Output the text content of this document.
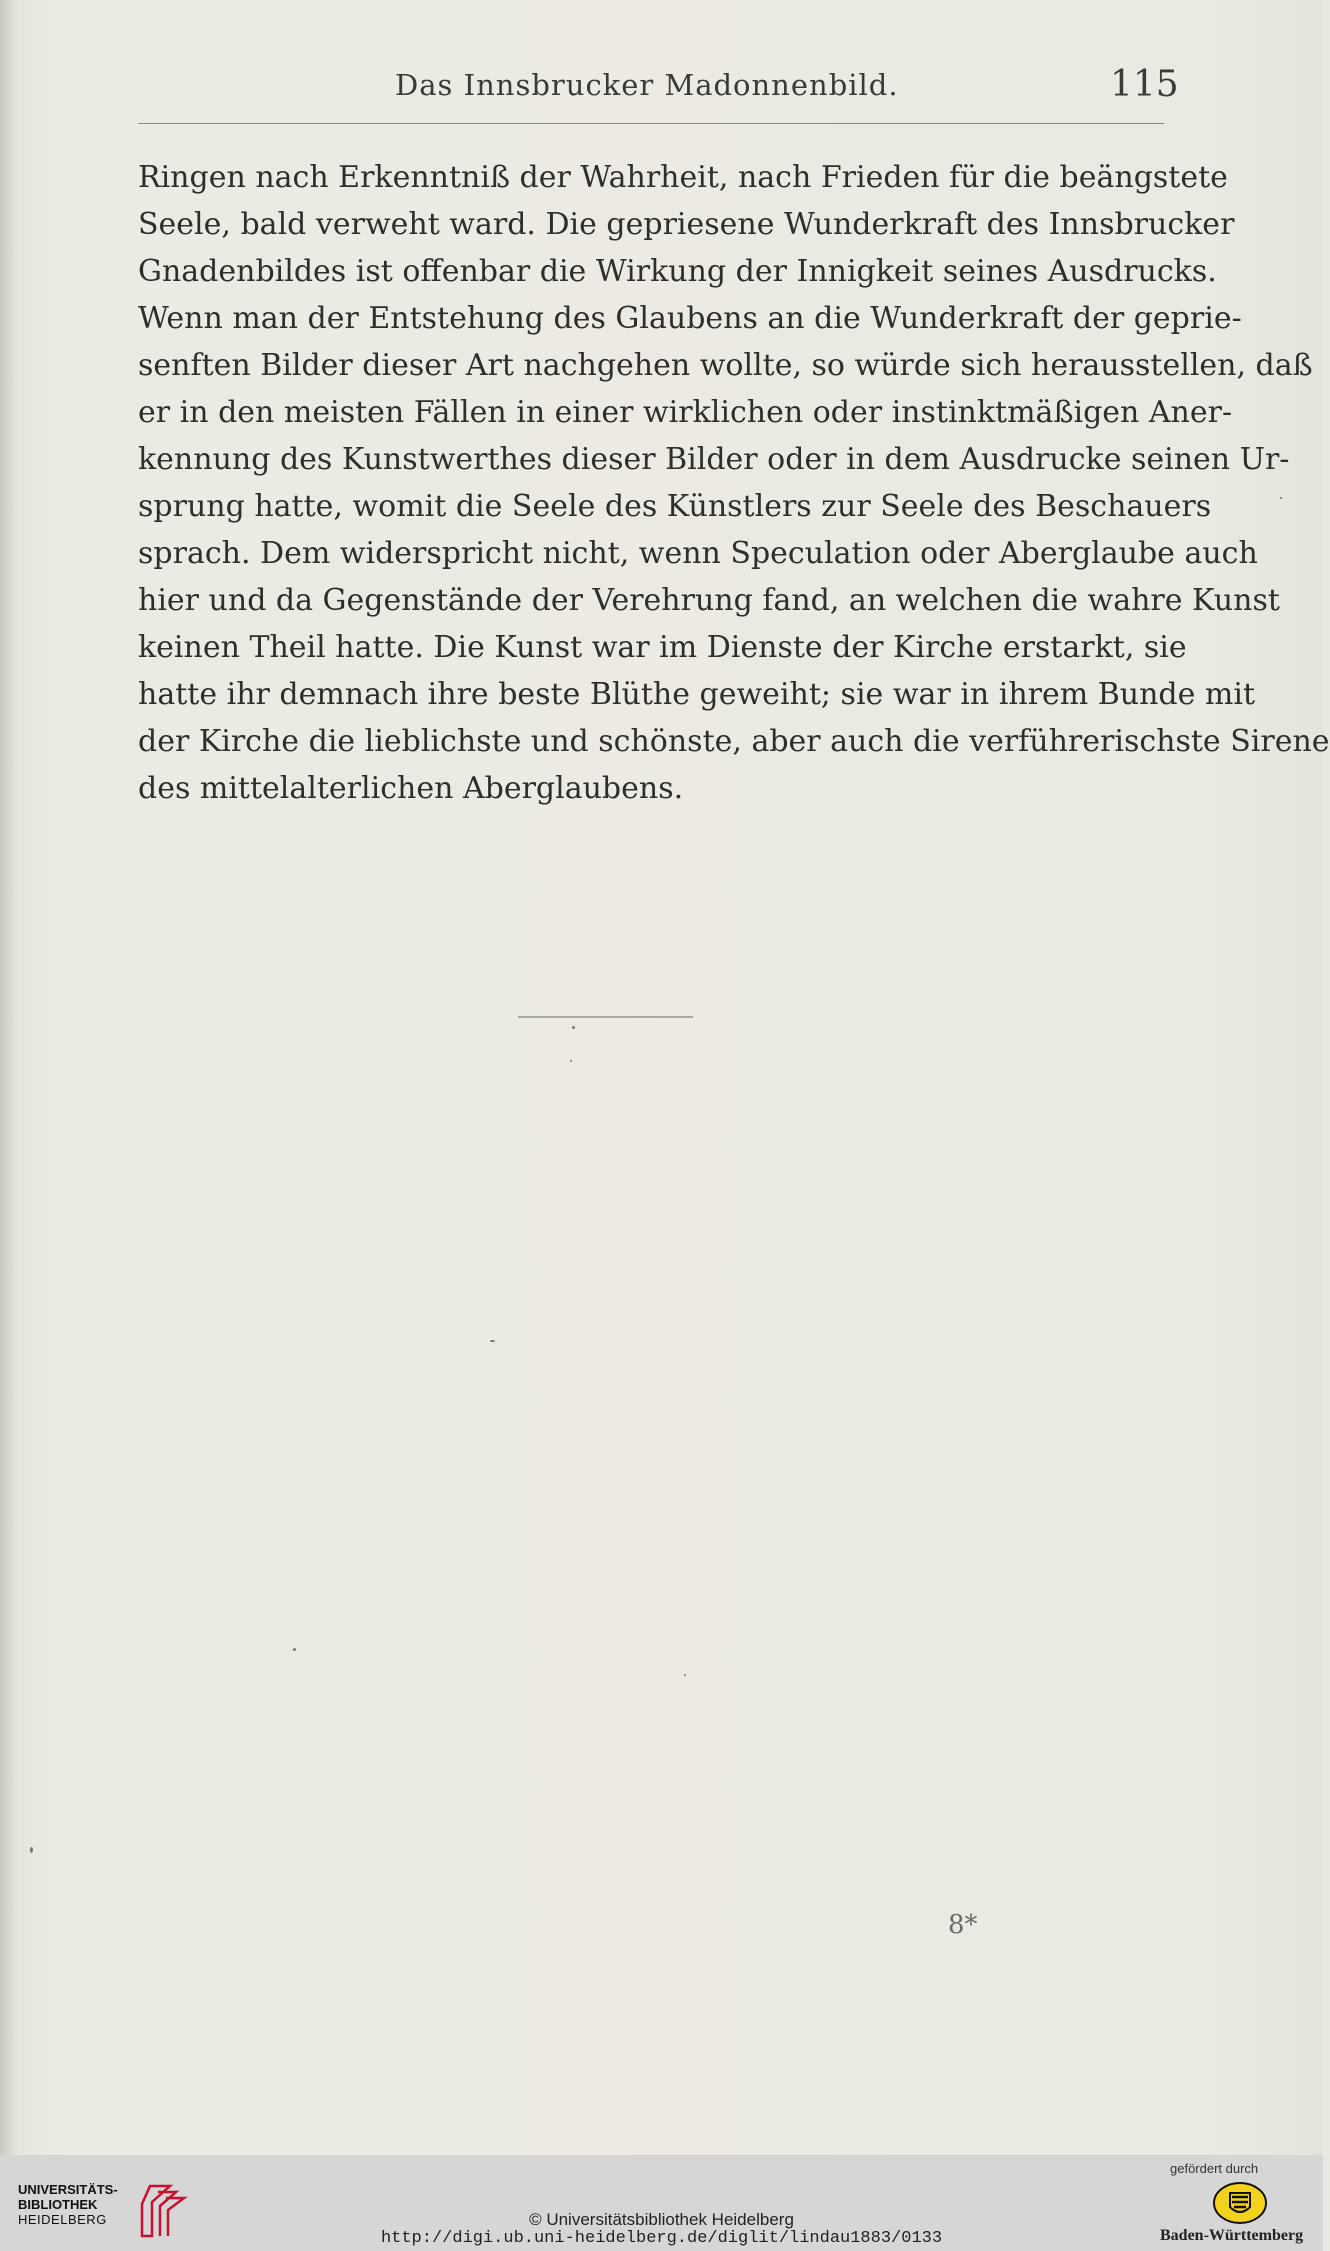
Das Innsbrucker Madonnenbild.	115
Ringen nach Erkenntniß der Wahrheit, nach Frieden für die beängstete
Seele, bald verweht ward. Die gepriesene Wunderkraft des Innsbrucker
Gnadenbildes ist offenbar die Wirkung der Innigkeit seines Ausdrucks.
Wenn man der Entstehung des Glaubens an die Wunderkraft der geprie-
senften Bilder dieser Art nachgehen wollte, so würde sich herausstellen, daß
er in den meisten Fällen in einer wirklichen oder instinktmäßigen Aner-
kennung des Kunstwerthes dieser Bilder oder in dem Ausdrucke seinen Ur-
sprung hatte, womit die Seele des Künstlers zur Seele des Beschauers
sprach. Dem widerspricht nicht, wenn Speculation oder Aberglaube auch
hier und da Gegenstände der Verehrung fand, an welchen die wahre Kunst
keinen Theil hatte. Die Kunst war im Dienste der Kirche erstarkt, sie
hatte ihr demnach ihre beste Blüthe geweiht; sie war in ihrem Bunde mit
der Kirche die lieblichste und schönste, aber auch die verführerischste Sirene
des mittelalterlichen Aberglaubens.
8*
UNIVERSITÄTS-
BIBLIOTHEK
HEIDELBERG	© Universitätsbibliothek Heidelberg
http://digi.ub.uni-heidelberg.de/diglit/lindau1883/0133
gefördert durch
Baden-Württemberg
